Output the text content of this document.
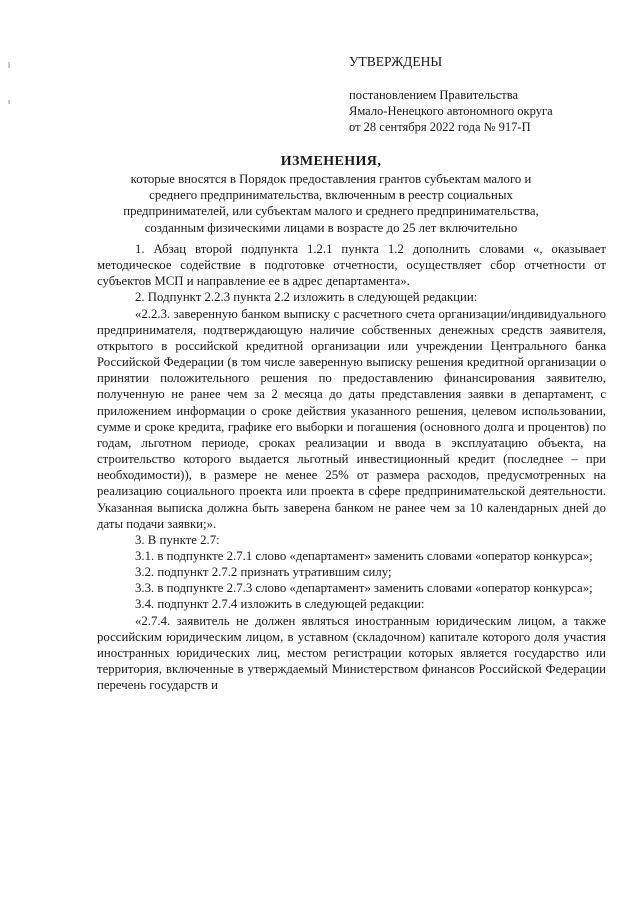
УТВЕРЖДЕНЫ
постановлением Правительства
Ямало-Ненецкого автономного округа
от 28 сентября 2022 года № 917-П
ИЗМЕНЕНИЯ,
которые вносятся в Порядок предоставления грантов субъектам малого и
среднего предпринимательства, включенным в реестр социальных
предпринимателей, или субъектам малого и среднего предпринимательства,
созданным физическими лицами в возрасте до 25 лет включительно

1. Абзац второй подпункта 1.2.1 пункта 1.2 дополнить словами «, оказывает методическое содействие в подготовке отчетности, осуществляет сбор отчетности от субъектов МСП и направление ее в адрес департамента».

2. Подпункт 2.2.3 пункта 2.2 изложить в следующей редакции:

«2.2.3. заверенную банком выписку с расчетного счета организации/индивидуального предпринимателя, подтверждающую наличие собственных денежных средств заявителя, открытого в российской кредитной организации или учреждении Центрального банка Российской Федерации (в том числе заверенную выписку решения кредитной организации о принятии положительного решения по предоставлению финансирования заявителю, полученную не ранее чем за 2 месяца до даты представления заявки в департамент, с приложением информации о сроке действия указанного решения, целевом использовании, сумме и сроке кредита, графике его выборки и погашения (основного долга и процентов) по годам, льготном периоде, сроках реализации и ввода в эксплуатацию объекта, на строительство которого выдается льготный инвестиционный кредит (последнее – при необходимости)), в размере не менее 25% от размера расходов, предусмотренных на реализацию социального проекта или проекта в сфере предпринимательской деятельности. Указанная выписка должна быть заверена банком не ранее чем за 10 календарных дней до даты подачи заявки;».

3. В пункте 2.7:

3.1. в подпункте 2.7.1 слово «департамент» заменить словами «оператор конкурса»;

3.2. подпункт 2.7.2 признать утратившим силу;

3.3. в подпункте 2.7.3 слово «департамент» заменить словами «оператор конкурса»;

3.4. подпункт 2.7.4 изложить в следующей редакции:

«2.7.4. заявитель не должен являться иностранным юридическим лицом, а также российским юридическим лицом, в уставном (складочном) капитале которого доля участия иностранных юридических лиц, местом регистрации которых является государство или территория, включенные в утверждаемый Министерством финансов Российской Федерации перечень государств и
